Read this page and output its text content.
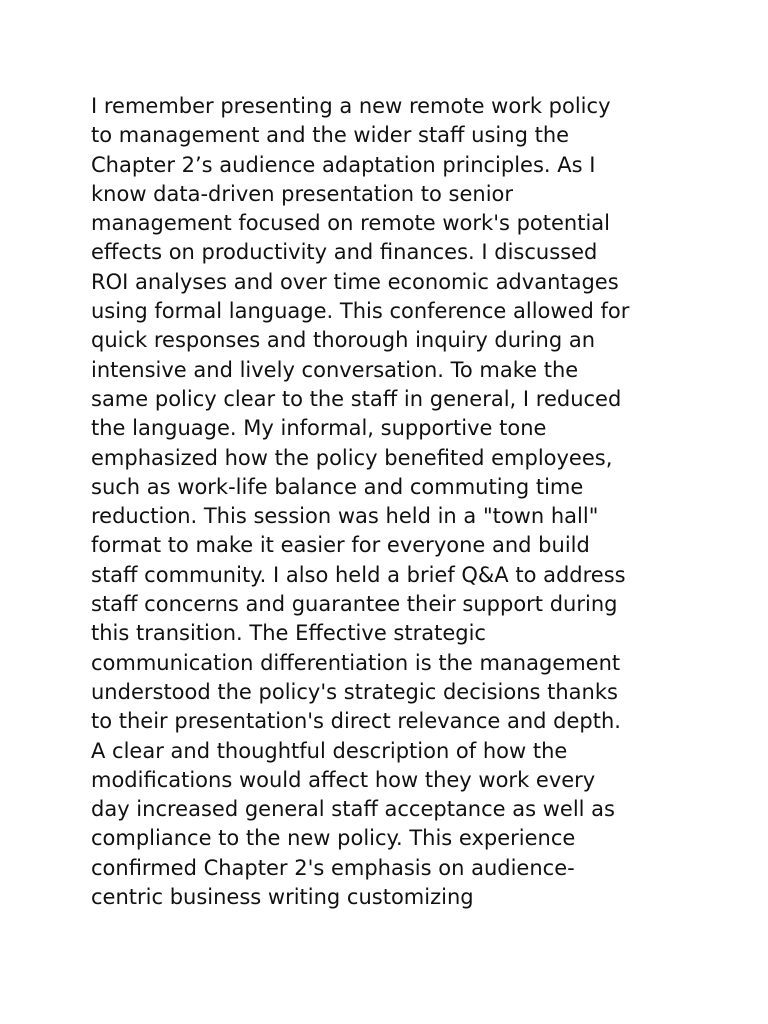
I remember presenting a new remote work policy
to management and the wider staff using the
Chapter 2’s audience adaptation principles. As I
know data-driven presentation to senior
management focused on remote work's potential
effects on productivity and finances. I discussed
ROI analyses and over time economic advantages
using formal language. This conference allowed for
quick responses and thorough inquiry during an
intensive and lively conversation. To make the
same policy clear to the staff in general, I reduced
the language. My informal, supportive tone
emphasized how the policy benefited employees,
such as work-life balance and commuting time
reduction. This session was held in a "town hall"
format to make it easier for everyone and build
staff community. I also held a brief Q&A to address
staff concerns and guarantee their support during
this transition. The Effective strategic
communication differentiation is the management
understood the policy's strategic decisions thanks
to their presentation's direct relevance and depth.
A clear and thoughtful description of how the
modifications would affect how they work every
day increased general staff acceptance as well as
compliance to the new policy. This experience
confirmed Chapter 2's emphasis on audience-
centric business writing customizing
